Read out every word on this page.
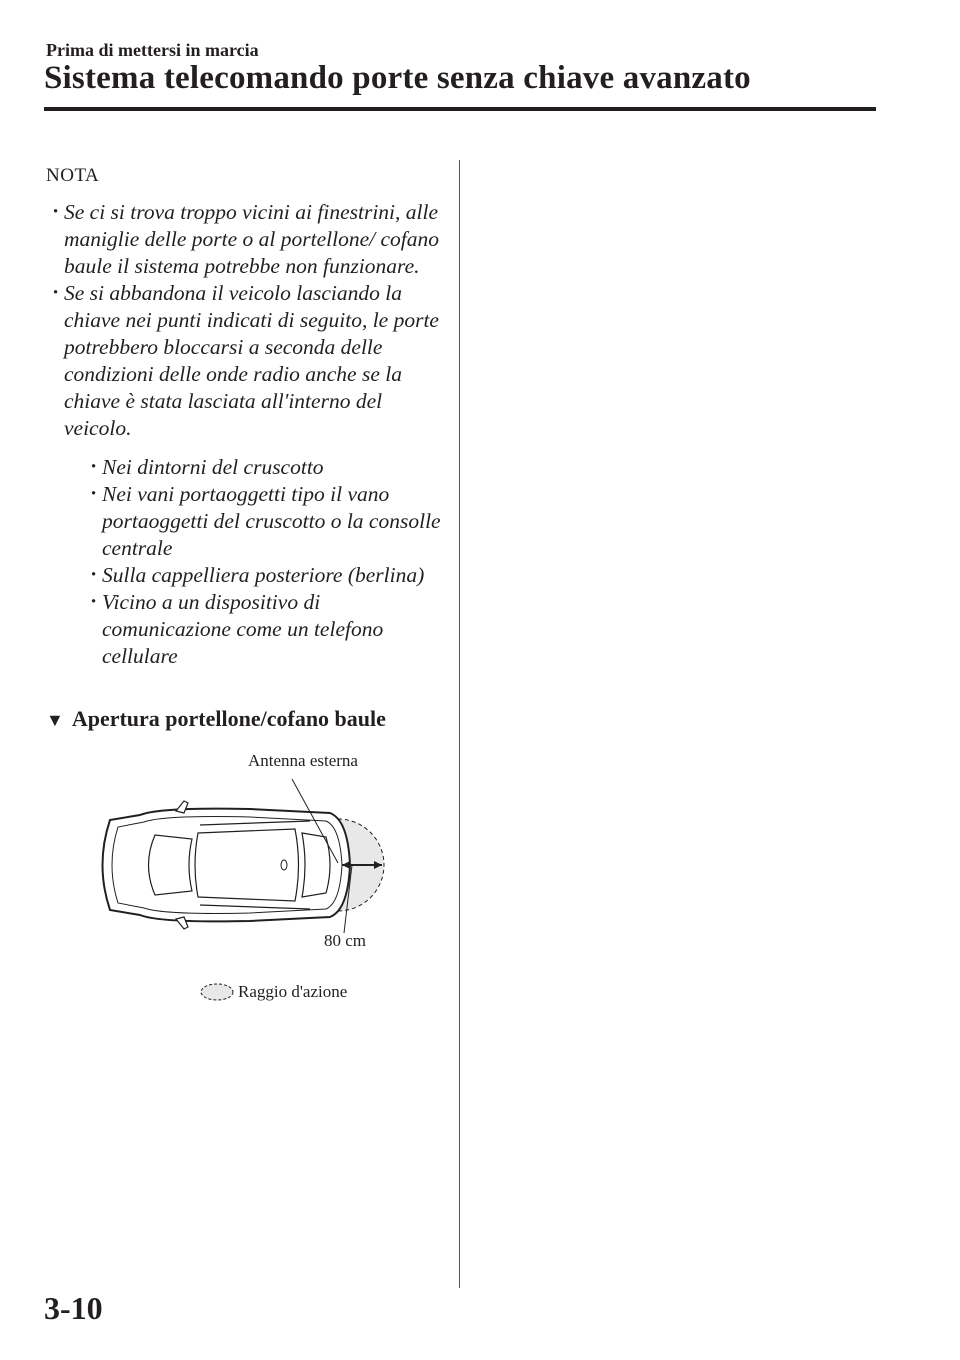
Prima di mettersi in marcia
Sistema telecomando porte senza chiave avanzato
NOTA
· Se ci si trova troppo vicini ai finestrini, alle maniglie delle porte o al portellone/ cofano baule il sistema potrebbe non funzionare.
· Se si abbandona il veicolo lasciando la chiave nei punti indicati di seguito, le porte potrebbero bloccarsi a seconda delle condizioni delle onde radio anche se la chiave è stata lasciata all'interno del veicolo.
· Nei dintorni del cruscotto
· Nei vani portaoggetti tipo il vano portaoggetti del cruscotto o la consolle centrale
· Sulla cappelliera posteriore (berlina)
· Vicino a un dispositivo di comunicazione come un telefono cellulare
▼ Apertura portellone/cofano baule
Antenna esterna
80 cm
Raggio d'azione
3-10
